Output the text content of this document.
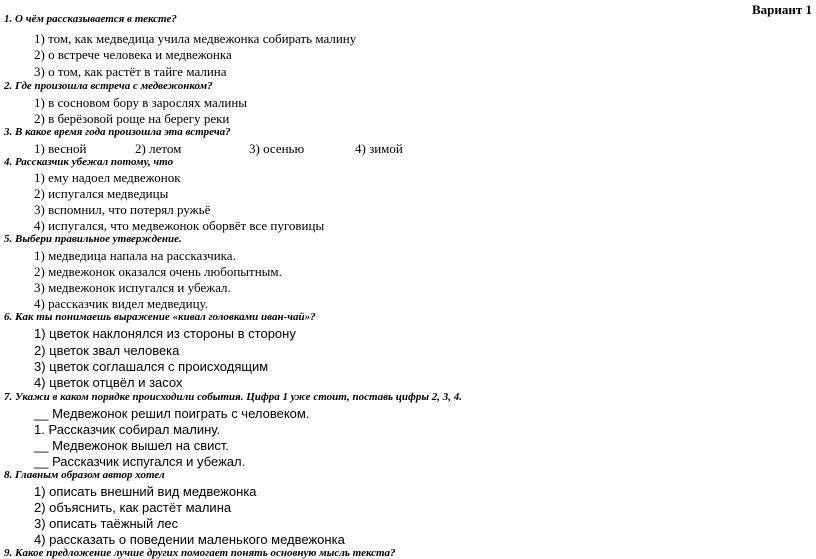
Вариант 1
1. О чём рассказывается в тексте?
1) том, как медведица учила медвежонка собирать малину
2) о встрече человека и медвежонка
3) о том, как растёт в тайге малина
2. Где произошла встреча с медвежонком?
1) в сосновом бору в зарослях малины
2) в берёзовой роще на берегу реки
3. В какое время года произошла эта встреча?
1) весной	2) летом	3) осенью	4) зимой
4. Рассказчик убежал потому, что
1) ему надоел медвежонок
2) испугался медведицы
3) вспомнил, что потерял ружьё
4) испугался, что медвежонок оборвёт все пуговицы
5. Выбери правильное утверждение.
1) медведица напала на рассказчика.
2) медвежонок оказался очень любопытным.
3) медвежонок испугался и убежал.
4) рассказчик видел медведицу.
6. Как ты понимаешь выражение «кивал головками иван-чай»?
1) цветок наклонялся из стороны в сторону
2) цветок звал человека
3) цветок соглашался с происходящим
4) цветок отцвёл и засох
7. Укажи в каком порядке происходили события. Цифра 1 уже стоит, поставь цифры 2, 3, 4.
__ Медвежонок решил поиграть с человеком.
1. Рассказчик собирал малину.
__ Медвежонок вышел на свист.
__ Рассказчик испугался и убежал.
8. Главным образом автор хотел
1) описать внешний вид медвежонка
2) объяснить, как растёт малина
3) описать таёжный лес
4) рассказать о поведении маленького медвежонка
9. Какое предложение лучше других помогает понять основную мысль текста?
